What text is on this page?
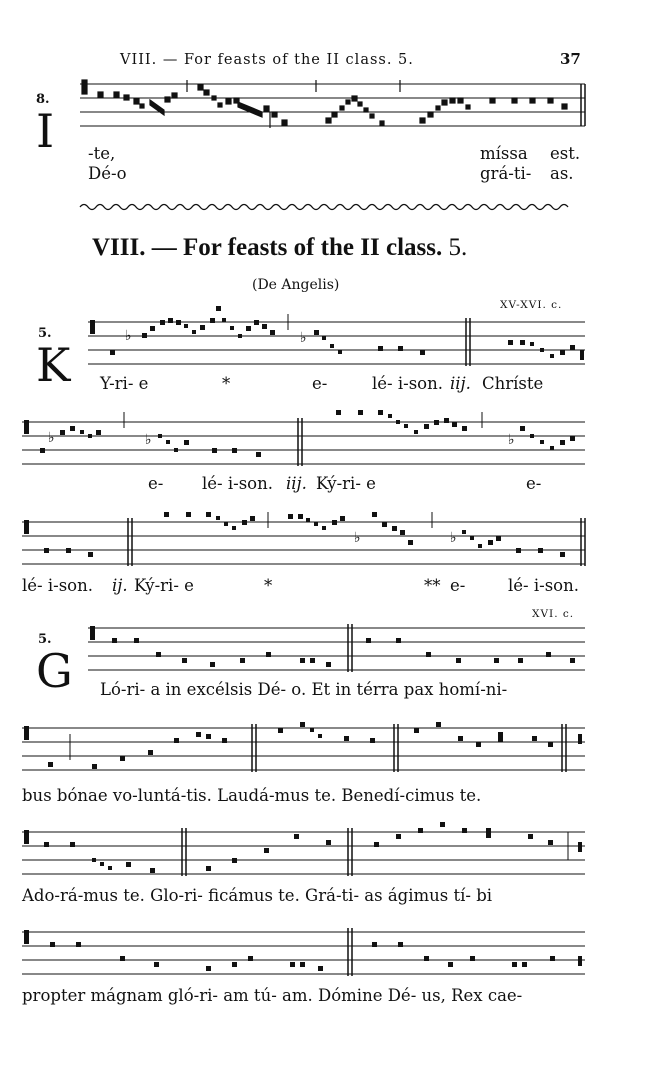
VIII. — For feasts of the II class. 5.	37
♭	♭
♭	♭	♭
♭	♭
8.
I -te,	míssa est.
Dé-o	grá-ti- as.
VIII. — For feasts of the II class. 5.
(De Angelis)
XV-XVI. c.
5.
K Y-ri- e	*	e-	lé- i-son. iij. Chríste
e- lé- i-son. iij. Ký-ri- e	e-
lé- i-son. ij. Ký-ri- e	*	** e-	lé- i-son.
XVI. c.
5.
G Ló-ri- a in excélsis Dé- o. Et in térra pax homí-ni-
bus bónae vo-luntá-tis. Laudá-mus te. Benedí-cimus te.
Ado-rá-mus te. Glo-ri- ficámus te. Grá-ti- as ágimus tí- bi
propter mágnam gló-ri- am tú- am. Dómine Dé- us, Rex cae-
